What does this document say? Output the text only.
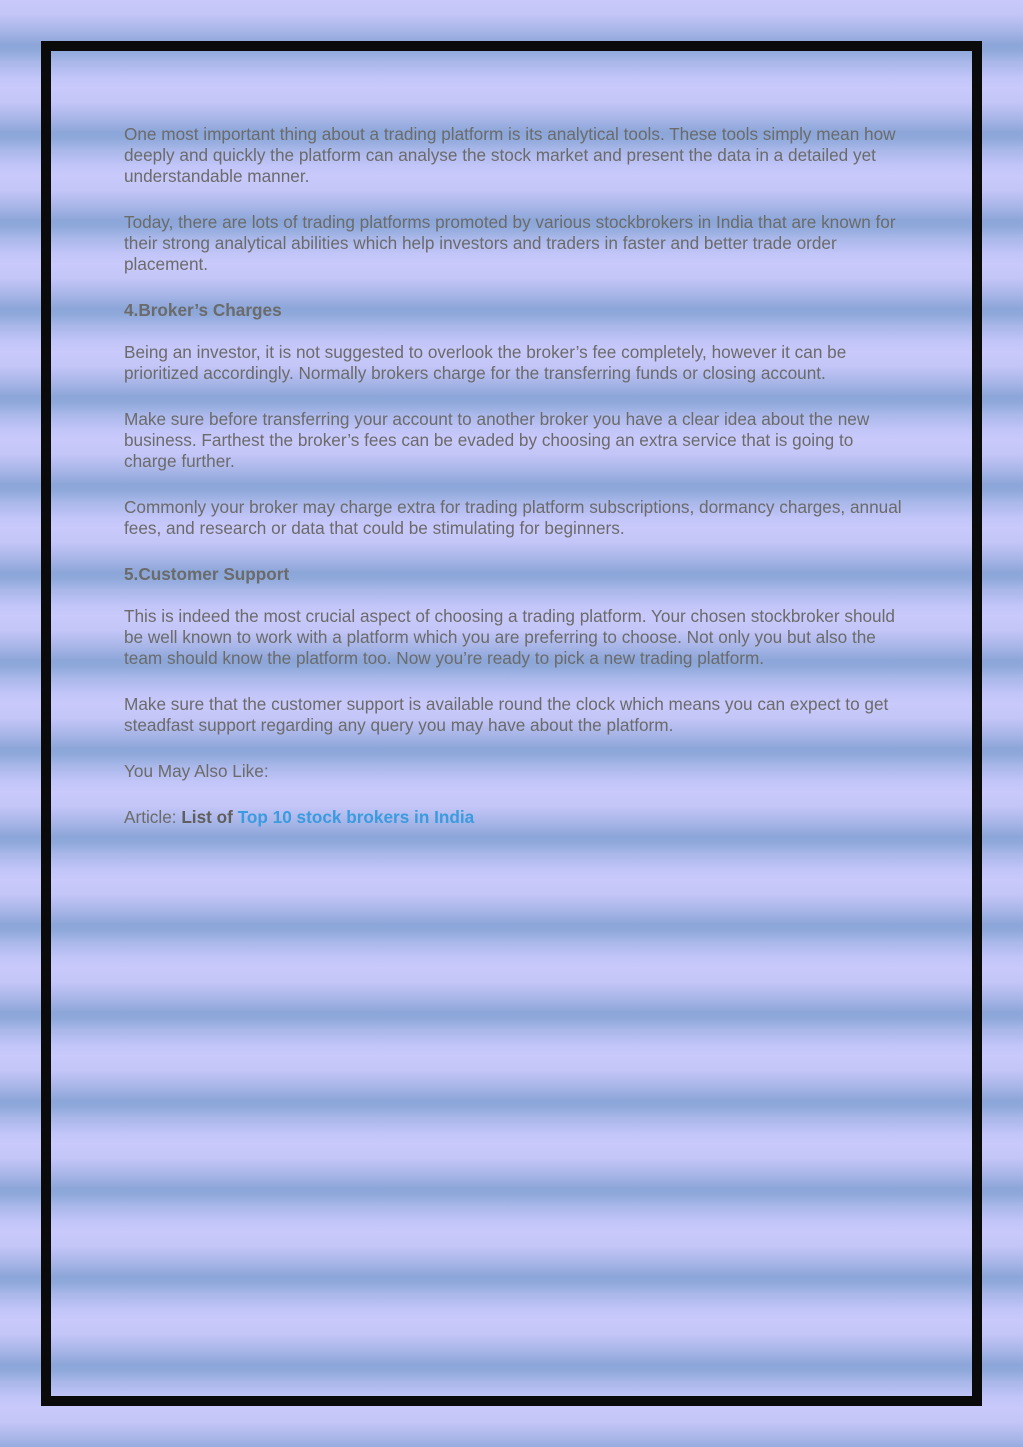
One most important thing about a trading platform is its analytical tools. These tools simply mean how deeply and quickly the platform can analyse the stock market and present the data in a detailed yet understandable manner.

Today, there are lots of trading platforms promoted by various stockbrokers in India that are known for their strong analytical abilities which help investors and traders in faster and better trade order placement.

4.Broker’s Charges

Being an investor, it is not suggested to overlook the broker’s fee completely, however it can be prioritized accordingly. Normally brokers charge for the transferring funds or closing account.

Make sure before transferring your account to another broker you have a clear idea about the new business. Farthest the broker’s fees can be evaded by choosing an extra service that is going to charge further.

Commonly your broker may charge extra for trading platform subscriptions, dormancy charges, annual fees, and research or data that could be stimulating for beginners.

5.Customer Support

This is indeed the most crucial aspect of choosing a trading platform. Your chosen stockbroker should be well known to work with a platform which you are preferring to choose. Not only you but also the team should know the platform too. Now you’re ready to pick a new trading platform.

Make sure that the customer support is available round the clock which means you can expect to get steadfast support regarding any query you may have about the platform.

You May Also Like:

Article: List of Top 10 stock brokers in India
